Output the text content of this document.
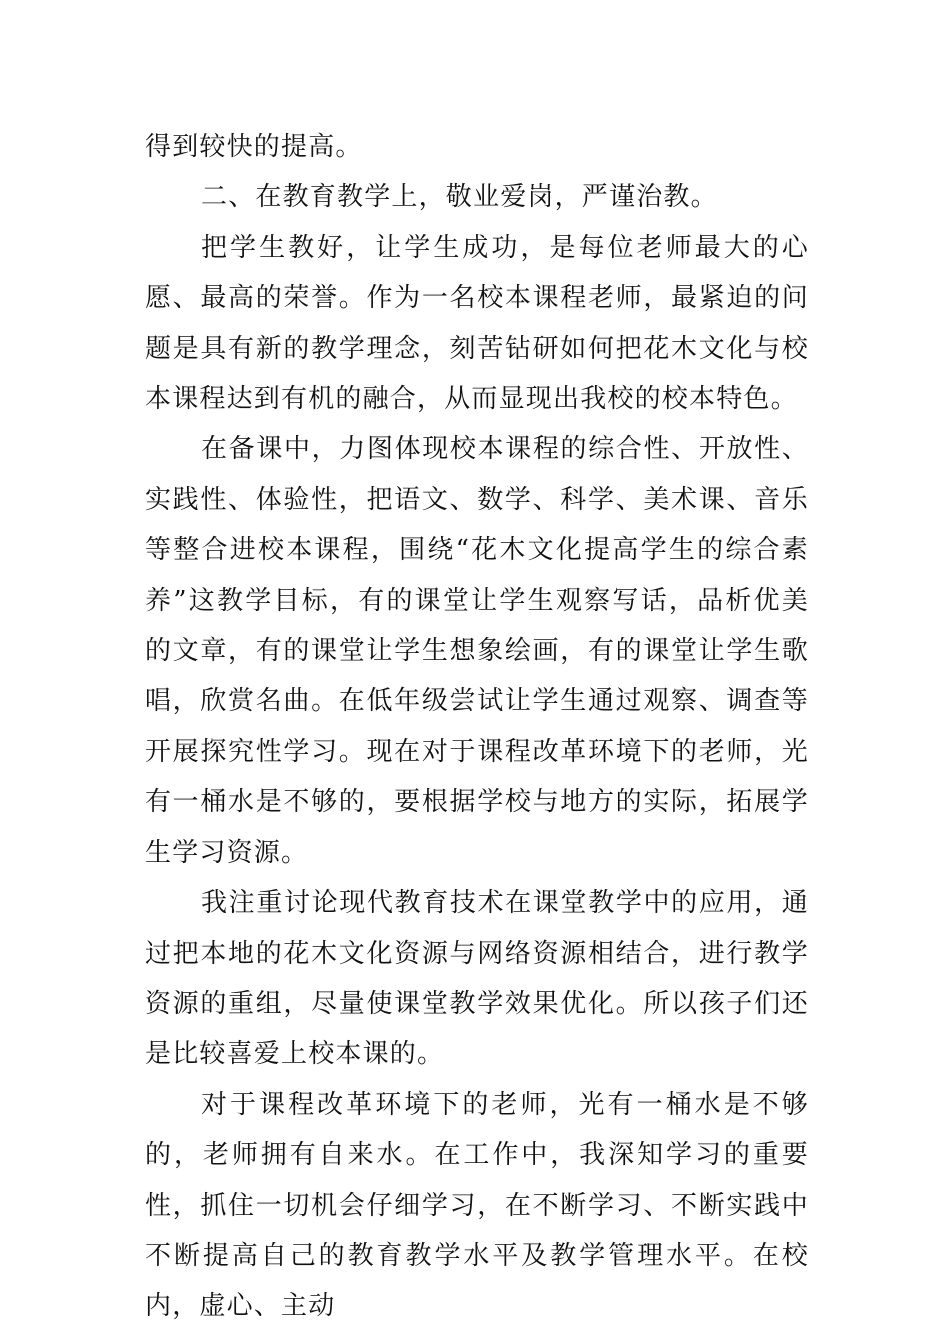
得到较快的提高。

二、在教育教学上，敬业爱岗，严谨治教。

把学生教好，让学生成功，是每位老师最大的心愿、最高的荣誉。作为一名校本课程老师，最紧迫的问题是具有新的教学理念，刻苦钻研如何把花木文化与校本课程达到有机的融合，从而显现出我校的校本特色。

在备课中，力图体现校本课程的综合性、开放性、实践性、体验性，把语文、数学、科学、美术课、音乐等整合进校本课程，围绕“花木文化提高学生的综合素养”这教学目标，有的课堂让学生观察写话，品析优美的文章，有的课堂让学生想象绘画，有的课堂让学生歌唱，欣赏名曲。在低年级尝试让学生通过观察、调查等开展探究性学习。现在对于课程改革环境下的老师，光有一桶水是不够的，要根据学校与地方的实际，拓展学生学习资源。

我注重讨论现代教育技术在课堂教学中的应用，通过把本地的花木文化资源与网络资源相结合，进行教学资源的重组，尽量使课堂教学效果优化。所以孩子们还是比较喜爱上校本课的。

对于课程改革环境下的老师，光有一桶水是不够的，老师拥有自来水。在工作中，我深知学习的重要性，抓住一切机会仔细学习，在不断学习、不断实践中不断提高自己的教育教学水平及教学管理水平。在校内，虚心、主动
